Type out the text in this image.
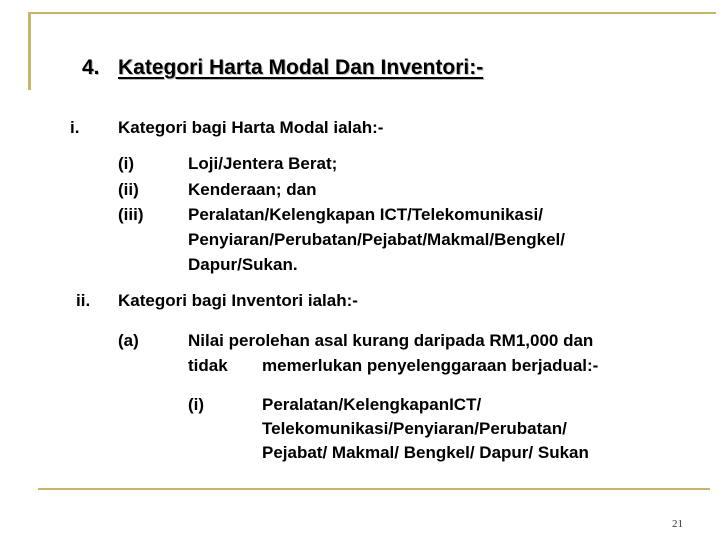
4. Kategori Harta Modal Dan Inventori:-
i. Kategori bagi Harta Modal ialah:-
(i)	Loji/Jentera Berat;
(ii)	Kenderaan; dan
(iii)	Peralatan/Kelengkapan ICT/Telekomunikasi/
Penyiaran/Perubatan/Pejabat/Makmal/Bengkel/
Dapur/Sukan.
ii. Kategori bagi Inventori ialah:-
(a)	Nilai perolehan asal kurang daripada RM1,000 dan
tidak memerlukan penyelenggaraan berjadual:-
(i)	Peralatan/KelengkapanICT/
Telekomunikasi/Penyiaran/Perubatan/
Pejabat/ Makmal/ Bengkel/ Dapur/ Sukan
21
